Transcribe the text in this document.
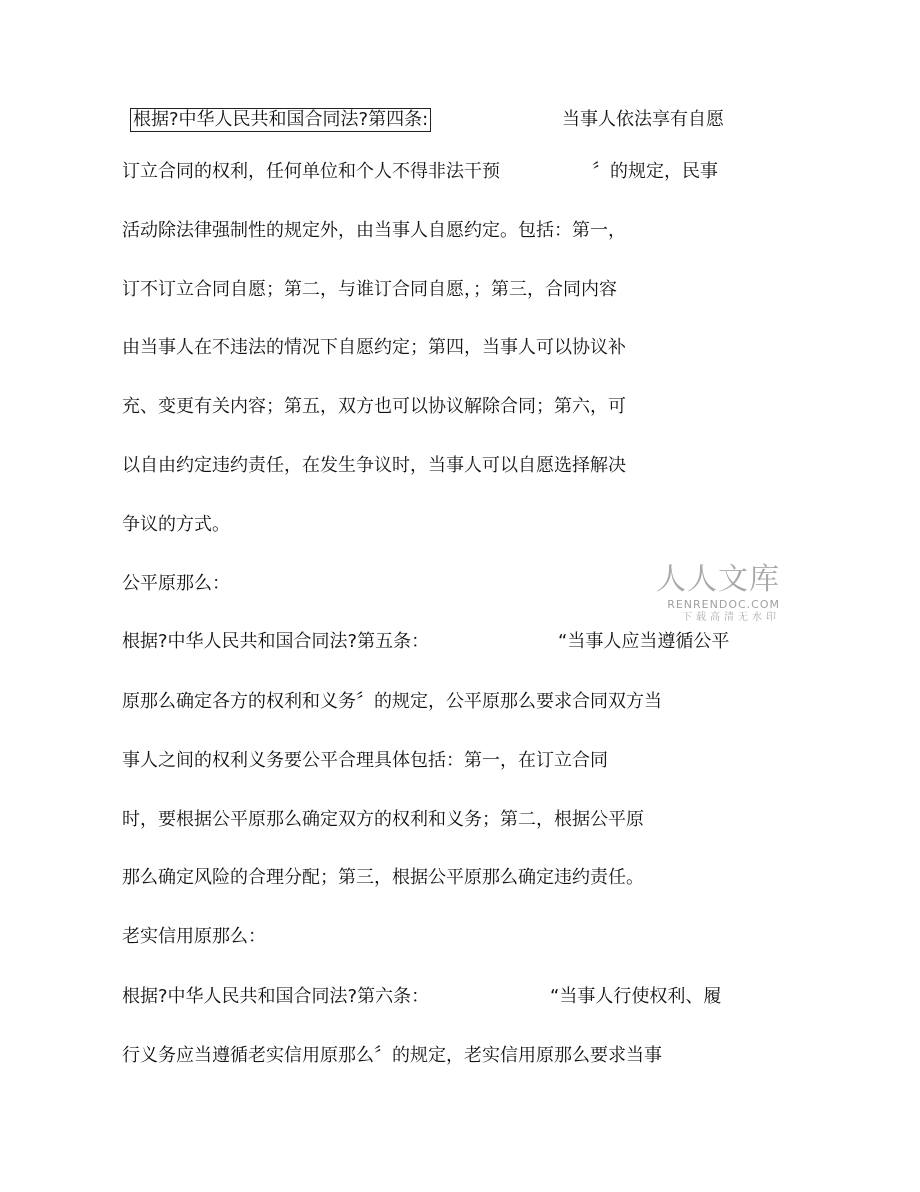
根据?中华人民共和国合同法?第四条:	当事人依法享有自愿
订立合同的权利，任何单位和个人不得非法干预	〞的规定，民事
活动除法律强制性的规定外，由当事人自愿约定。包括：第一，
订不订立合同自愿；第二，与谁订合同自愿，；第三，合同内容
由当事人在不违法的情况下自愿约定；第四，当事人可以协议补
充、变更有关内容；第五，双方也可以协议解除合同；第六，可
以自由约定违约责任，在发生争议时，当事人可以自愿选择解决
争议的方式。
公平原那么：
根据?中华人民共和国合同法?第五条：	“当事人应当遵循公平
原那么确定各方的权利和义务〞的规定，公平原那么要求合同双方当
事人之间的权利义务要公平合理具体包括：第一，在订立合同
时，要根据公平原那么确定双方的权利和义务；第二，根据公平原
那么确定风险的合理分配；第三，根据公平原那么确定违约责任。
老实信用原那么：
根据?中华人民共和国合同法?第六条：	“当事人行使权利、履
行义务应当遵循老实信用原那么〞的规定，老实信用原那么要求当事
人人文库
RENRENDOC.COM
下载高清无水印
